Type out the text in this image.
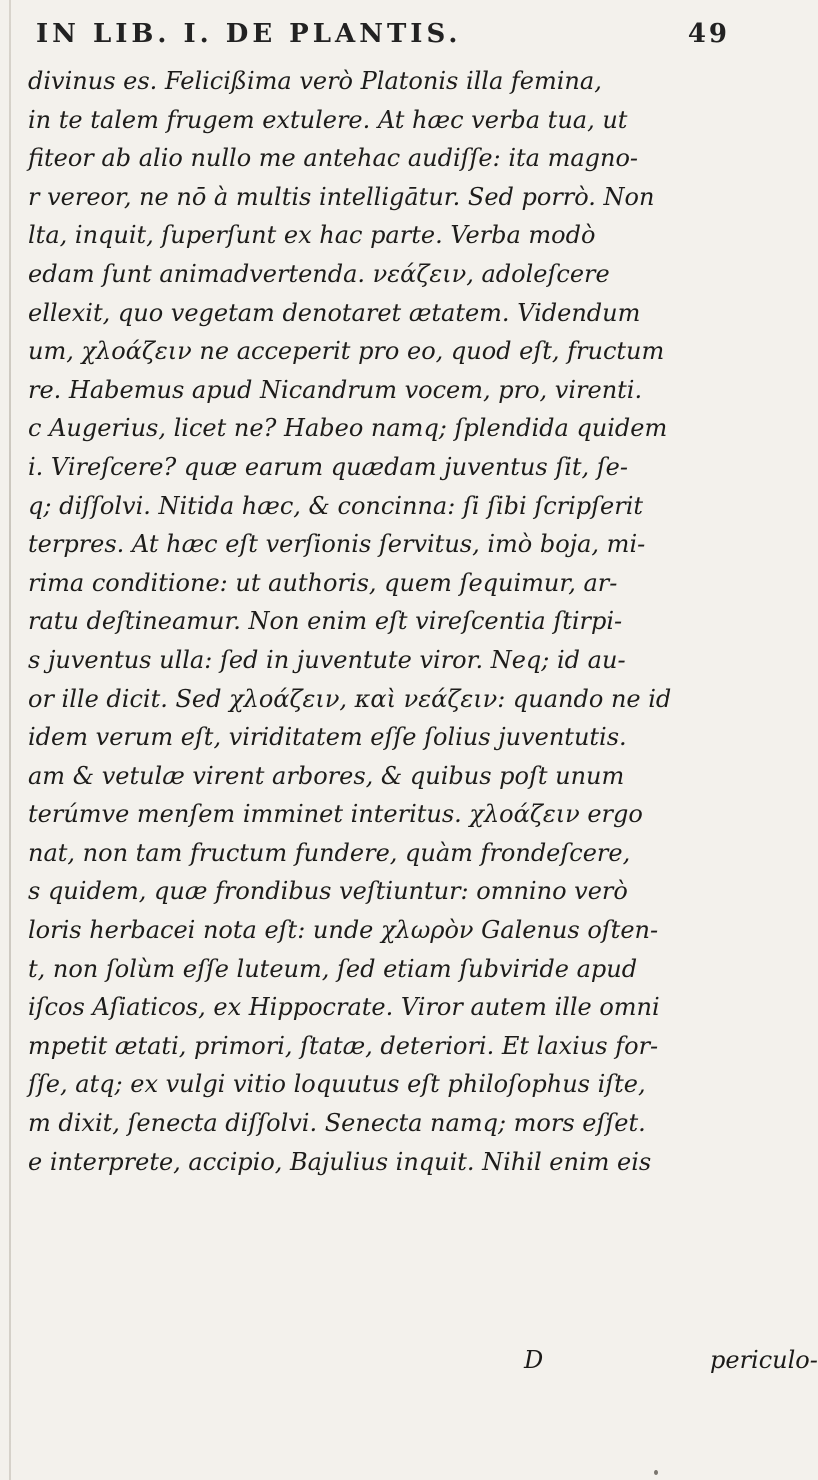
IN LIB. I. DE PLANTIS.	49
divinus es. Felicißima verò Platonis illa femina,
in te talem frugem extulere. At hæc verba tua, ut
fiteor ab alio nullo me antehac audiſſe: ita magno-
r vereor, ne nō à multis intelligātur. Sed porrò. Non
lta, inquit, ſuperſunt ex hac parte. Verba modò
edam ſunt animadvertenda. νεάζειν, adoleſcere
ellexit, quo vegetam denotaret ætatem. Videndum
um, χλοάζειν ne acceperit pro eo, quod eſt, fructum
re. Habemus apud Nicandrum vocem, pro, virenti.
c Augerius, licet ne? Habeo namq; ſplendida quidem
i. Vireſcere? quæ earum quædam juventus ſit, ſe-
q; diſſolvi. Nitida hæc, & concinna: ſi ſibi ſcripſerit
terpres. At hæc eſt verſionis ſervitus, imò boja, mi-
rima conditione: ut authoris, quem ſequimur, ar-
ratu deſtineamur. Non enim eſt vireſcentia ſtirpi-
s juventus ulla: ſed in juventute viror. Neq; id au-
or ille dicit. Sed χλοάζειν, καὶ νεάζειν: quando ne id
idem verum eſt, viriditatem eſſe ſolius juventutis.
am & vetulæ virent arbores, & quibus poſt unum
terúmve menſem imminet interitus. χλοάζειν ergo
nat, non tam fructum fundere, quàm frondeſcere,
s quidem, quæ frondibus veſtiuntur: omnino verò
loris herbacei nota eſt: unde χλωρὸν Galenus oſten-
t, non ſolùm eſſe luteum, ſed etiam ſubviride apud
iſcos Aſiaticos, ex Hippocrate. Viror autem ille omni
mpetit ætati, primori, ſtatæ, deteriori. Et laxius for-
ſſe, atq; ex vulgi vitio loquutus eſt philoſophus iſte,
m dixit, ſenecta diſſolvi. Senecta namq; mors eſſet.
e interprete, accipio, Bajulius inquit. Nihil enim eis
D	periculo-
